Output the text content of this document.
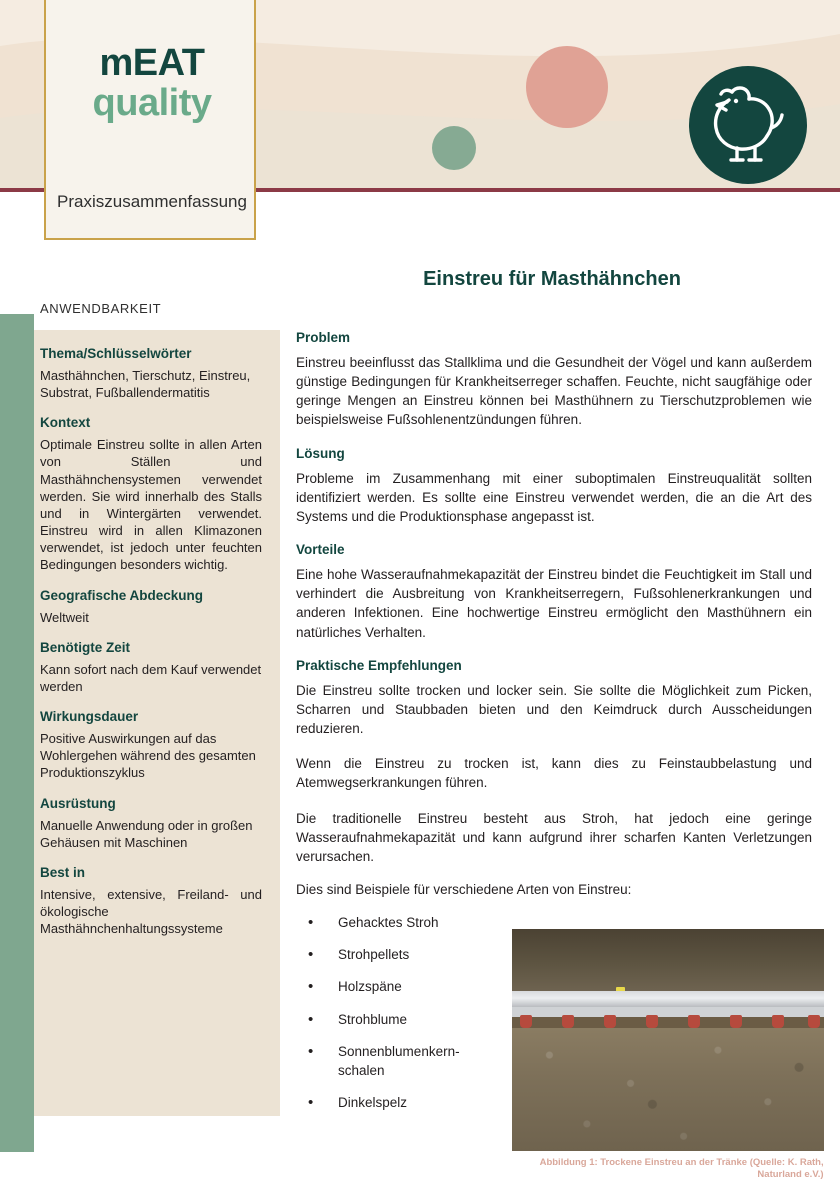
mEAT
quality
Praxiszusammenfassung
Einstreu für Masthähnchen
ANWENDBARKEIT

Thema/Schlüsselwörter

Masthähnchen, Tierschutz, Einstreu, Substrat, Fußballendermatitis

Kontext

Optimale Einstreu sollte in allen Arten von Ställen und Masthähnchensystemen verwendet werden. Sie wird innerhalb des Stalls und in Wintergärten verwendet. Einstreu wird in allen Klimazonen verwendet, ist jedoch unter feuchten Bedingungen besonders wichtig.

Geografische Abdeckung

Weltweit

Benötigte Zeit

Kann sofort nach dem Kauf verwendet werden

Wirkungsdauer

Positive Auswirkungen auf das Wohlergehen während des gesamten Produktionszyklus

Ausrüstung

Manuelle Anwendung oder in großen Gehäusen mit Maschinen

Best in

Intensive, extensive, Freiland- und ökologische Masthähnchenhaltungssysteme

Problem

Einstreu beeinflusst das Stallklima und die Gesundheit der Vögel und kann außerdem günstige Bedingungen für Krankheitserreger schaffen. Feuchte, nicht saugfähige oder geringe Mengen an Einstreu können bei Masthühnern zu Tierschutzproblemen wie beispielsweise Fußsohlenentzündungen führen.

Lösung

Probleme im Zusammenhang mit einer suboptimalen Einstreuqualität sollten identifiziert werden. Es sollte eine Einstreu verwendet werden, die an die Art des Systems und die Produktionsphase angepasst ist.

Vorteile

Eine hohe Wasseraufnahmekapazität der Einstreu bindet die Feuchtigkeit im Stall und verhindert die Ausbreitung von Krankheitserregern, Fußsohlenerkrankungen und anderen Infektionen. Eine hochwertige Einstreu ermöglicht den Masthühnern ein natürliches Verhalten.

Praktische Empfehlungen

Die Einstreu sollte trocken und locker sein. Sie sollte die Möglichkeit zum Picken, Scharren und Staubbaden bieten und den Keimdruck durch Ausscheidungen reduzieren.

Wenn die Einstreu zu trocken ist, kann dies zu Feinstaubbelastung und Atemwegserkrankungen führen.

Die traditionelle Einstreu besteht aus Stroh, hat jedoch eine geringe Wasseraufnahmekapazität und kann aufgrund ihrer scharfen Kanten Verletzungen verursachen.

Dies sind Beispiele für verschiedene Arten von Einstreu:

• Gehacktes Stroh
• Strohpellets
• Holzspäne
• Strohblume
• Sonnenblumenkern-schalen
• Dinkelspelz
Abbildung 1: Trockene Einstreu an der Tränke (Quelle: K. Rath, Naturland e.V.)
